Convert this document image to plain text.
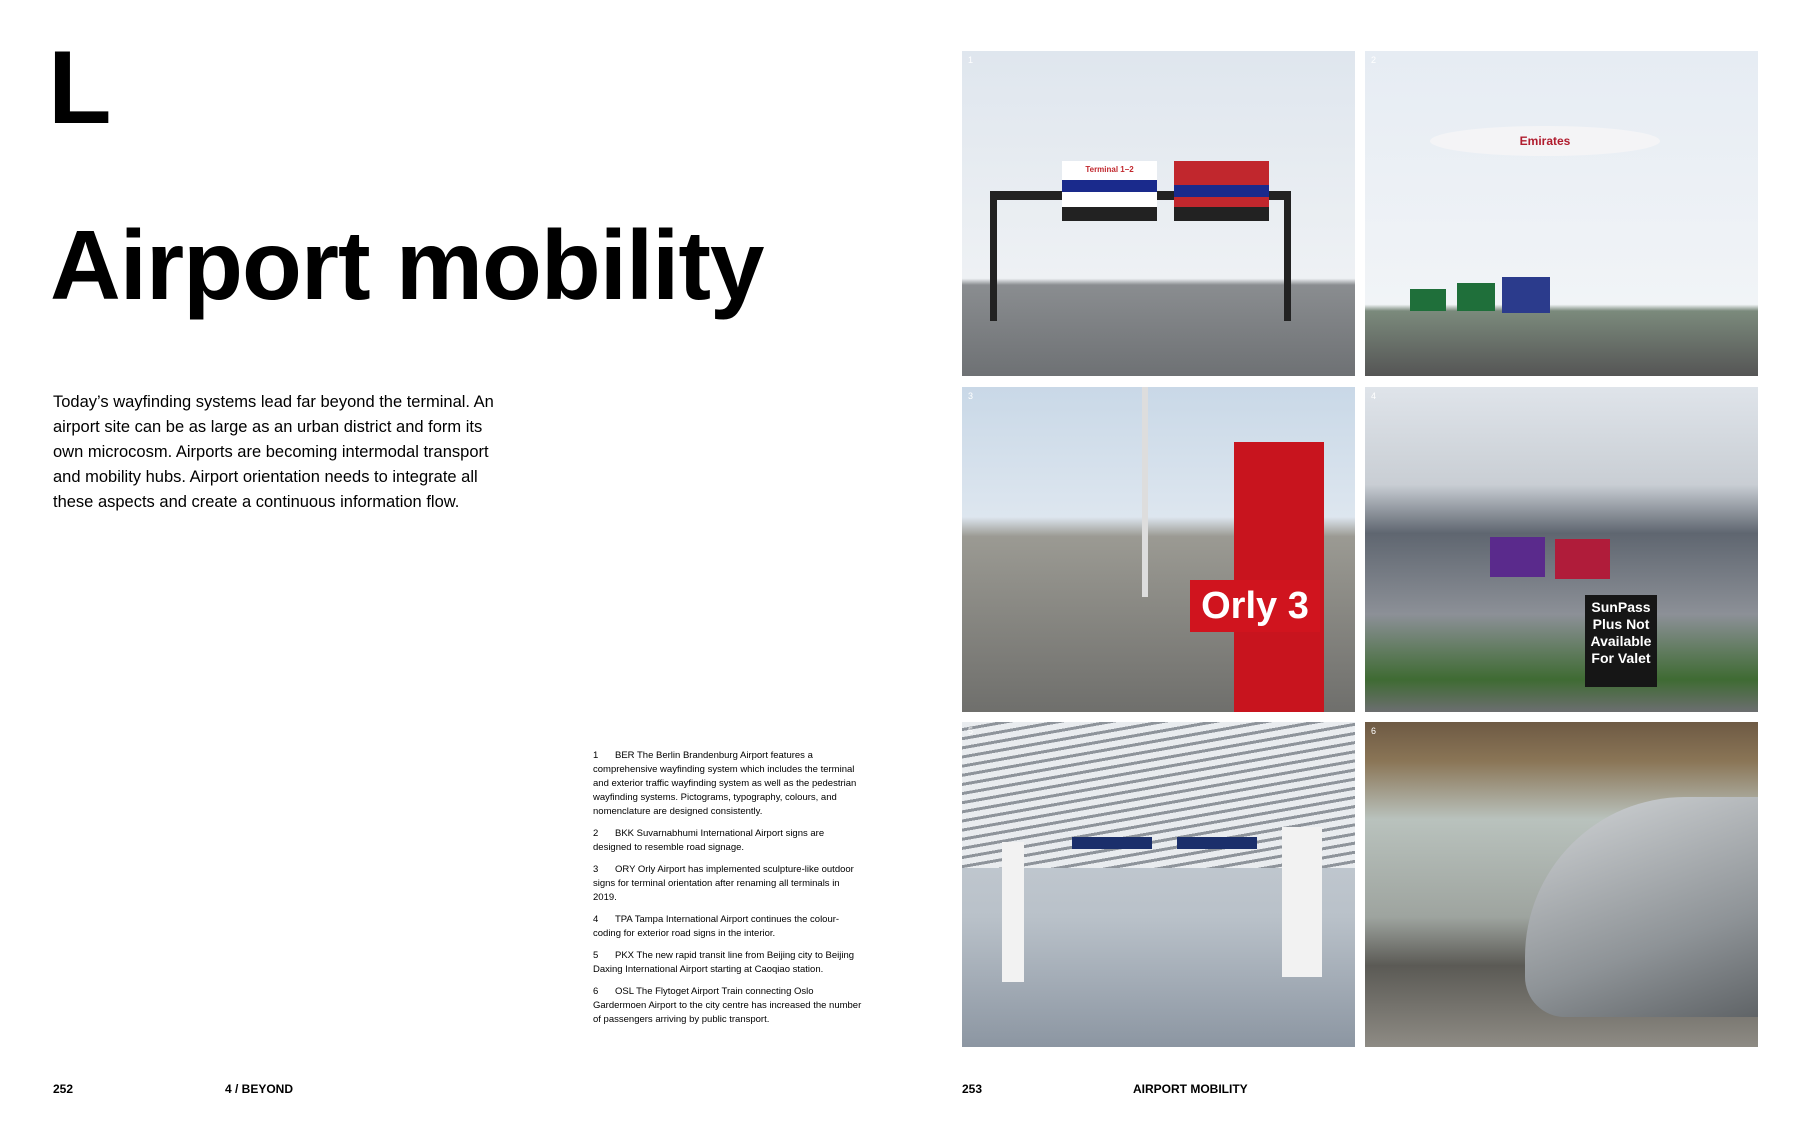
L
Airport mobility

Today’s wayfinding systems lead far beyond the terminal. An airport site can be as large as an urban district and form its own microcosm. Airports are becoming intermodal transport and mobility hubs. Airport orientation needs to integrate all these aspects and create a continuous information flow.

1 BER The Berlin Brandenburg Airport features a comprehensive wayfinding system which includes the terminal and exterior traffic wayfinding system as well as the pedestrian wayfinding systems. Pictograms, typography, colours, and nomenclature are designed consistently.

2 BKK Suvarnabhumi International Airport signs are designed to resemble road signage.

3 ORY Orly Airport has implemented sculpture-like outdoor signs for terminal orientation after renaming all terminals in 2019.

4 TPA Tampa International Airport continues the colour-coding for exterior road signs in the interior.

5 PKX The new rapid transit line from Beijing city to Beijing Daxing International Airport starting at Caoqiao station.

6 OSL The Flytoget Airport Train connecting Oslo Gardermoen Airport to the city centre has increased the number of passengers arriving by public transport.

252	4 / BEYOND	253	AIRPORT MOBILITY
1
Terminal 1–2
2
Emirates
3
Orly 3
4
SunPass Plus Not Available For Valet
5	6
